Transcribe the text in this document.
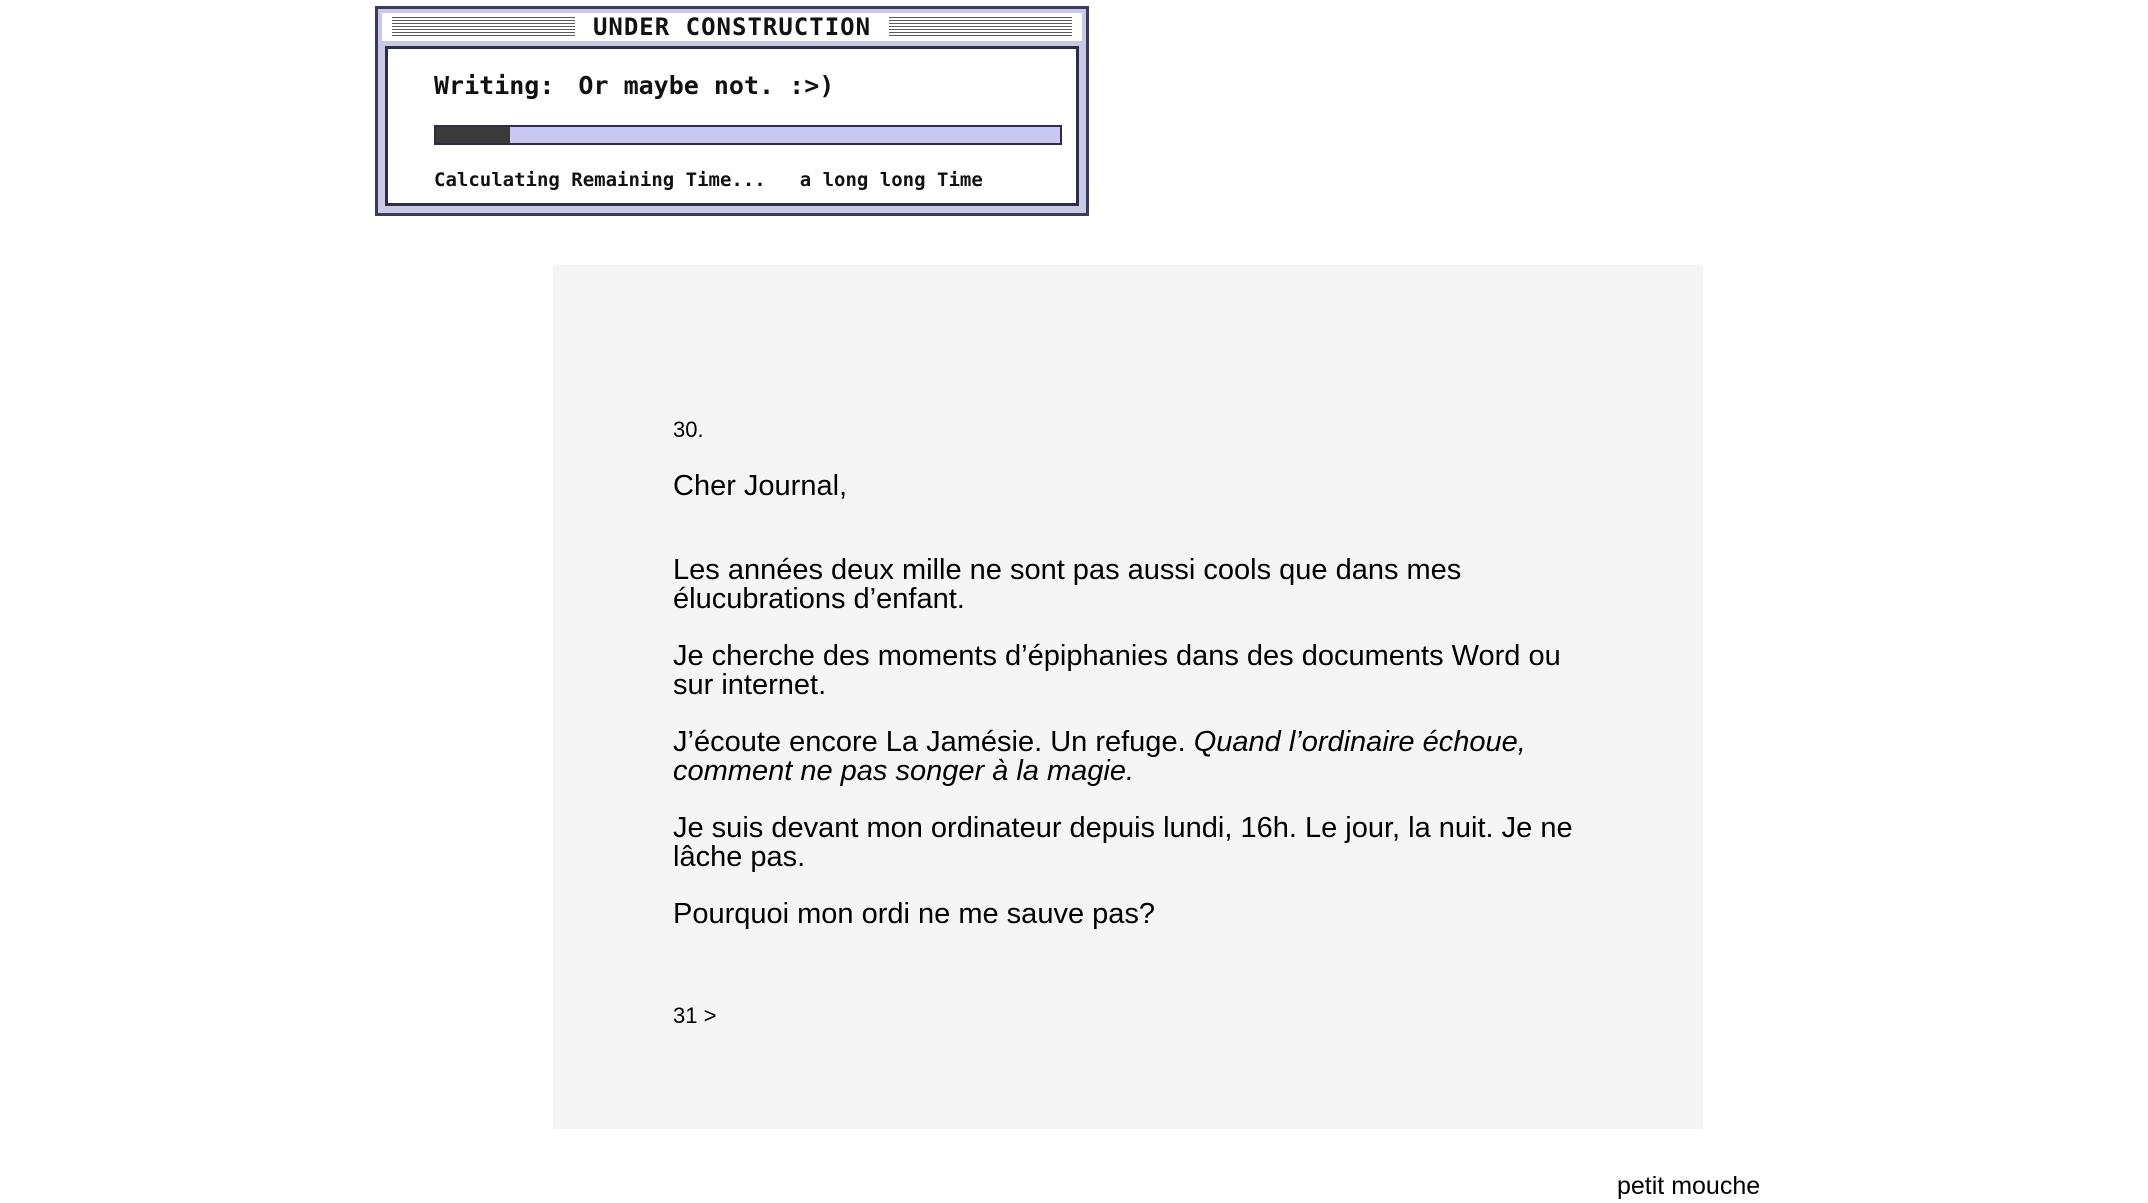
UNDER CONSTRUCTION
Writing: Or maybe not. :>)
Calculating Remaining Time... a long long Time

30.

Cher Journal,

Les années deux mille ne sont pas aussi cools que dans mes élucubrations d’enfant.

Je cherche des moments d’épiphanies dans des documents Word ou sur internet.

J’écoute encore La Jamésie. Un refuge. Quand l’ordinaire échoue, comment ne pas songer à la magie.

Je suis devant mon ordinateur depuis lundi, 16h. Le jour, la nuit. Je ne lâche pas.

Pourquoi mon ordi ne me sauve pas?

31 >
petit mouche
